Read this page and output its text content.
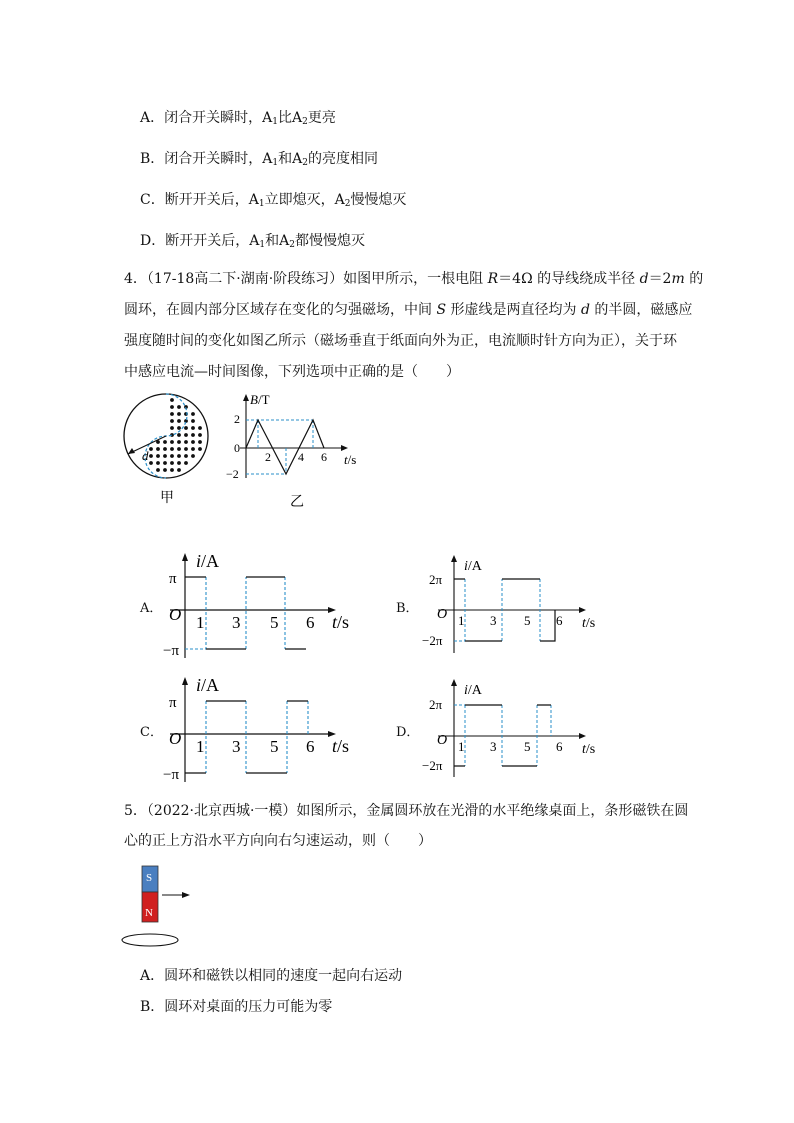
A．闭合开关瞬时，$A_1$比$A_2$更亮
B．闭合开关瞬时，$A_1$和$A_2$的亮度相同
C．断开开关后，$A_1$立即熄灭，$A_2$慢慢熄灭
D．断开开关后，$A_1$和$A_2$都慢慢熄灭
4．（17-18高二下·湖南·阶段练习）如图甲所示，一根电阻 R＝4Ω 的导线绕成半径 d＝2m 的
圆环，在圆内部分区域存在变化的匀强磁场，中间 S 形虚线是两直径均为 d 的半圆，磁感应
强度随时间的变化如图乙所示（磁场垂直于纸面向外为正，电流顺时针方向为正），关于环
中感应电流—时间图像，下列选项中正确的是（　　）
d
甲
B/T
t/s
2
0
−2
2 4 6
乙
A．
i/A
t/s
π
−π
O 1 3 5 6
B．
i/A
t/s
2π
−2π
O 1 3 5 6
C．
i/A
t/s
π
−π
O 1 3 5 6
D．
i/A
t/s
2π
−2π
O 1 3 5 6
5．（2022·北京西城·一模）如图所示，金属圆环放在光滑的水平绝缘桌面上，条形磁铁在圆
心的正上方沿水平方向向右匀速运动，则（　　）
S
N
A．圆环和磁铁以相同的速度一起向右运动
B．圆环对桌面的压力可能为零
